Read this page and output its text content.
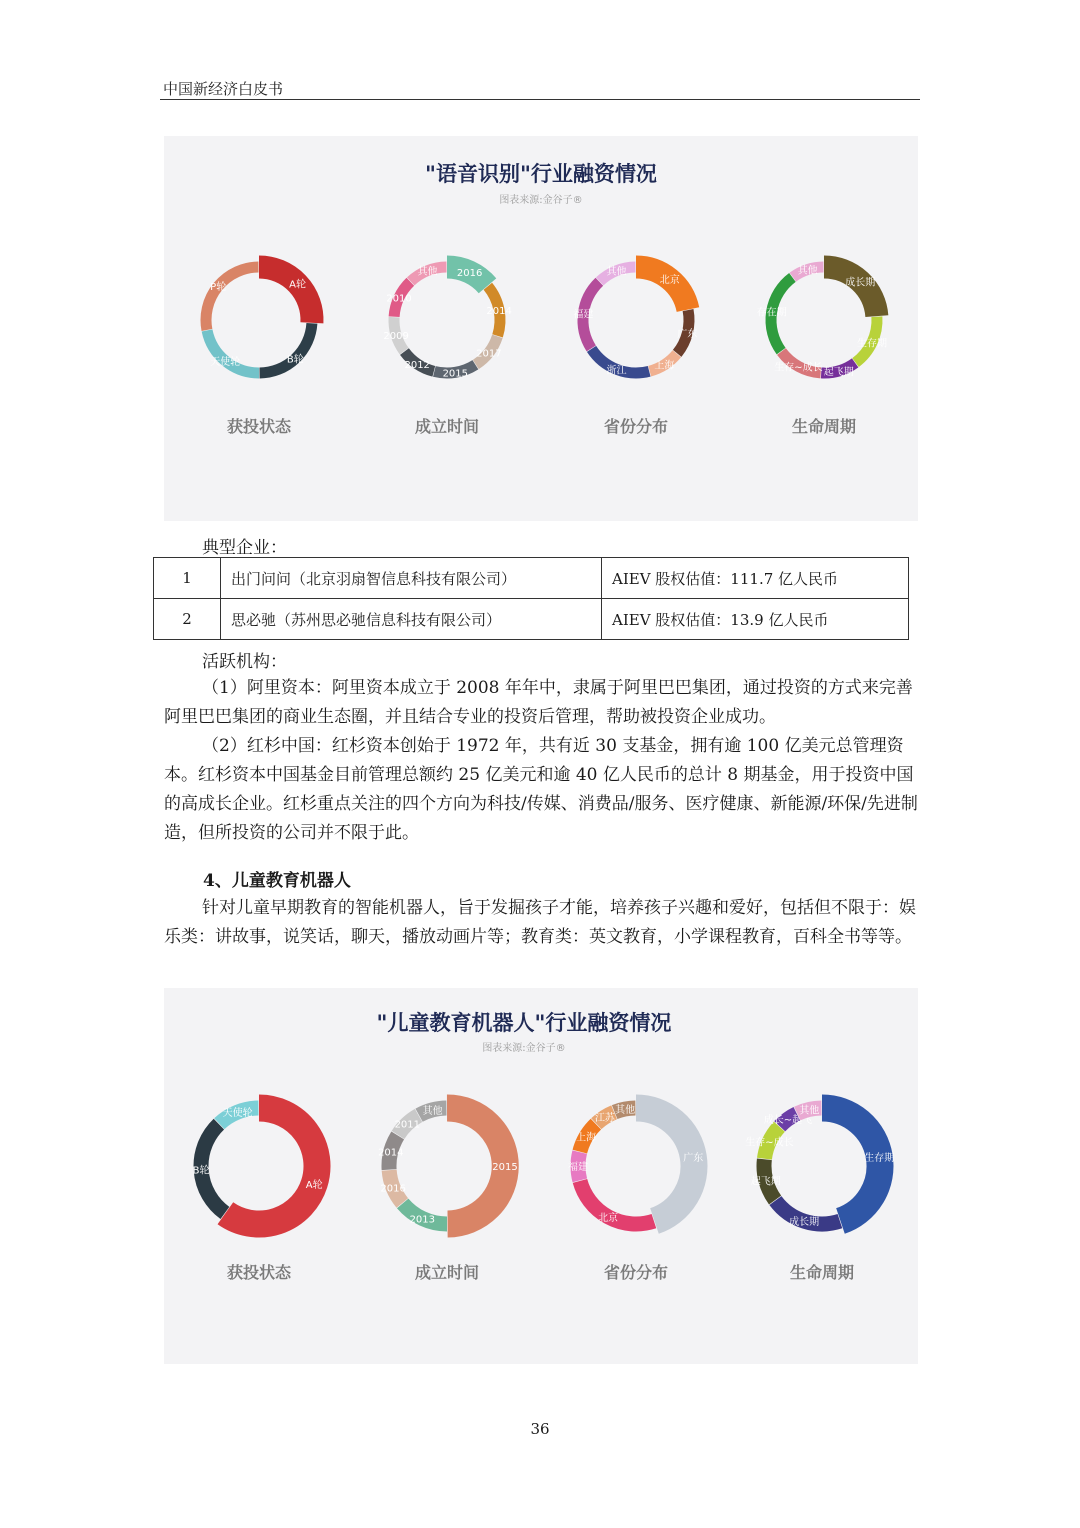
中国新经济白皮书
"语音识别"行业融资情况
图表来源:金谷子®
A轮
B轮
天使轮
P轮
获投状态
2016
2014
2017
2015
2012
2009
2010
其他
成立时间
北京
广东
上海
浙江
福建
其他
省份分布
成长期
生存期
起飞期
生存~成长
存在期
其他
生命周期
典型企业：
1	出门问问（北京羽扇智信息科技有限公司）	AIEV 股权估值：111.7 亿人民币
2	思必驰（苏州思必驰信息科技有限公司）	AIEV 股权估值：13.9 亿人民币
活跃机构：

（1）阿里资本：阿里资本成立于 2008 年年中，隶属于阿里巴巴集团，通过投资的方式来完善阿里巴巴集团的商业生态圈，并且结合专业的投资后管理，帮助被投资企业成功。

（2）红杉中国：红杉资本创始于 1972 年，共有近 30 支基金，拥有逾 100 亿美元总管理资本。红杉资本中国基金目前管理总额约 25 亿美元和逾 40 亿人民币的总计 8 期基金，用于投资中国的高成长企业。红杉重点关注的四个方向为科技/传媒、消费品/服务、医疗健康、新能源/环保/先进制造，但所投资的公司并不限于此。

4、儿童教育机器人

针对儿童早期教育的智能机器人，旨于发掘孩子才能，培养孩子兴趣和爱好，包括但不限于：娱乐类：讲故事，说笑话，聊天，播放动画片等；教育类：英文教育，小学课程教育，百科全书等等。

"儿童教育机器人"行业融资情况
图表来源:金谷子®
A轮
B轮
天使轮
获投状态
2015
2013
2016
2014
2011
其他
成立时间
广东
北京
福建
上海
江苏
其他
省份分布
生存期
成长期
起飞期
生存~成长
成长~起飞
其他
生命周期
36
